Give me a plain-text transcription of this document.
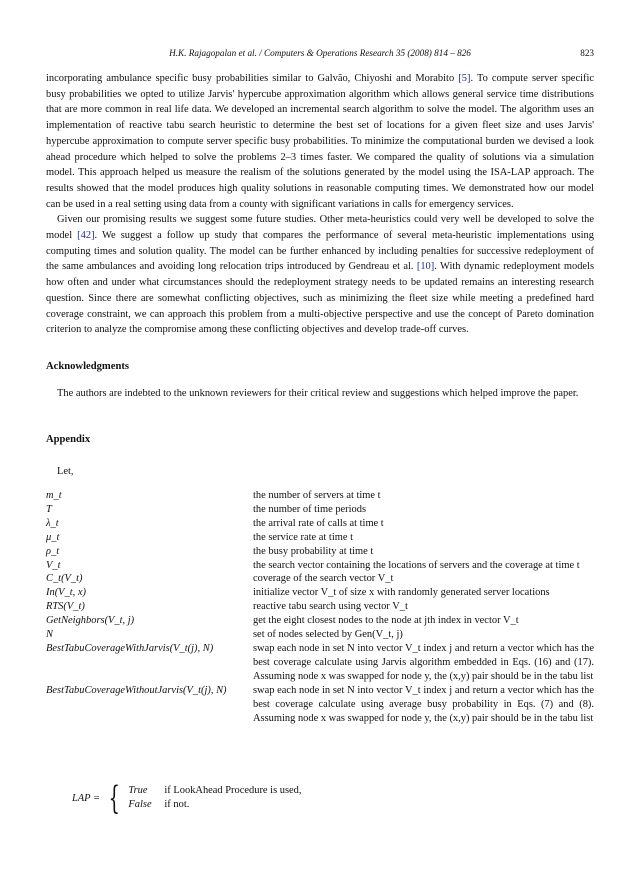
H.K. Rajagopalan et al. / Computers & Operations Research 35 (2008) 814 – 826	823

incorporating ambulance specific busy probabilities similar to Galvão, Chiyoshi and Morabito [5]. To compute server specific busy probabilities we opted to utilize Jarvis' hypercube approximation algorithm which allows general service time distributions that are more common in real life data. We developed an incremental search algorithm to solve the model. The algorithm uses an implementation of reactive tabu search heuristic to determine the best set of locations for a given fleet size and uses Jarvis' hypercube approximation to compute server specific busy probabilities. To minimize the computational burden we devised a look ahead procedure which helped to solve the problems 2–3 times faster. We compared the quality of solutions via a simulation model. This approach helped us measure the realism of the solutions generated by the model using the ISA-LAP approach. The results showed that the model produces high quality solutions in reasonable computing times. We demonstrated how our model can be used in a real setting using data from a county with significant variations in calls for emergency services.

Given our promising results we suggest some future studies. Other meta-heuristics could very well be developed to solve the model [42]. We suggest a follow up study that compares the performance of several meta-heuristic implementations using computing times and solution quality. The model can be further enhanced by including penalties for successive redeployment of the same ambulances and avoiding long relocation trips introduced by Gendreau et al. [10]. With dynamic redeployment models how often and under what circumstances should the redeployment strategy needs to be updated remains an interesting research question. Since there are somewhat conflicting objectives, such as minimizing the fleet size while meeting a predefined hard coverage constraint, we can approach this problem from a multi-objective perspective and use the concept of Pareto domination criterion to analyze the compromise among these conflicting objectives and develop trade-off curves.

Acknowledgments
The authors are indebted to the unknown reviewers for their critical review and suggestions which helped improve the paper.
Appendix
Let,
m_t	the number of servers at time t
T	the number of time periods
λ_t	the arrival rate of calls at time t
μ_t	the service rate at time t
ρ_t	the busy probability at time t
V_t	the search vector containing the locations of servers and the coverage at time t
C_t(V_t)	coverage of the search vector V_t
In(V_t, x)	initialize vector V_t of size x with randomly generated server locations
RTS(V_t)	reactive tabu search using vector V_t
GetNeighbors(V_t, j)	get the eight closest nodes to the node at jth index in vector V_t
N	set of nodes selected by Gen(V_t, j)
BestTabuCoverageWithJarvis(V_t(j), N)	swap each node in set N into vector V_t index j and return a vector which has the best coverage calculate using Jarvis algorithm embedded in Eqs. (16) and (17). Assuming node x was swapped for node y, the (x,y) pair should be in the tabu list
BestTabuCoverageWithoutJarvis(V_t(j), N)	swap each node in set N into vector V_t index j and return a vector which has the best coverage calculate using average busy probability in Eqs. (7) and (8). Assuming node x was swapped for node y, the (x,y) pair should be in the tabu list
LAP = { True	if LookAhead Procedure is used,
False	if not.
